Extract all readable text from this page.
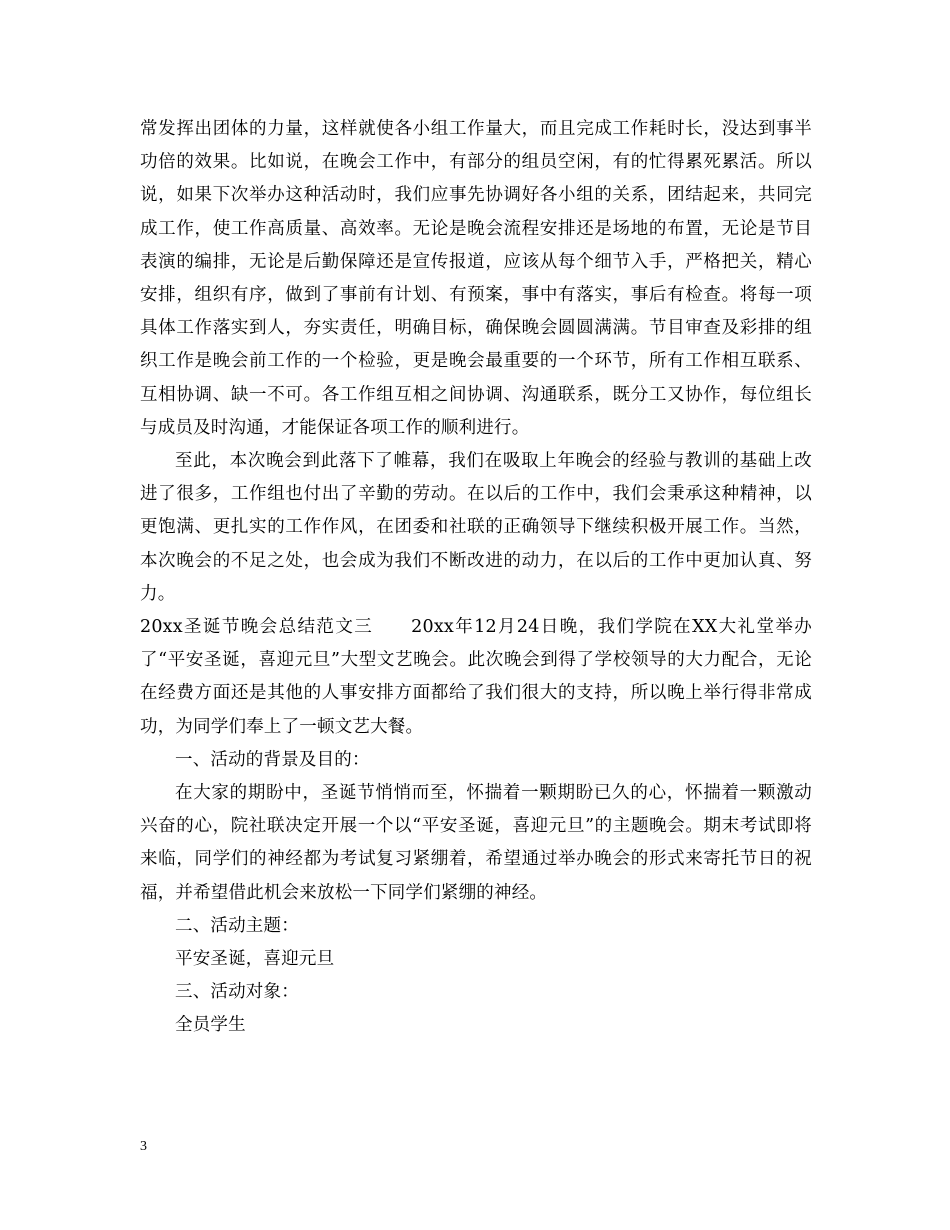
常发挥出团体的力量，这样就使各小组工作量大，而且完成工作耗时长，没达到事半功倍的效果。比如说，在晚会工作中，有部分的组员空闲，有的忙得累死累活。所以说，如果下次举办这种活动时，我们应事先协调好各小组的关系，团结起来，共同完成工作，使工作高质量、高效率。无论是晚会流程安排还是场地的布置，无论是节目表演的编排，无论是后勤保障还是宣传报道，应该从每个细节入手，严格把关，精心安排，组织有序，做到了事前有计划、有预案，事中有落实，事后有检查。将每一项具体工作落实到人，夯实责任，明确目标，确保晚会圆圆满满。节目审查及彩排的组织工作是晚会前工作的一个检验，更是晚会最重要的一个环节，所有工作相互联系、互相协调、缺一不可。各工作组互相之间协调、沟通联系，既分工又协作，每位组长与成员及时沟通，才能保证各项工作的顺利进行。

至此，本次晚会到此落下了帷幕，我们在吸取上年晚会的经验与教训的基础上改进了很多，工作组也付出了辛勤的劳动。在以后的工作中，我们会秉承这种精神，以更饱满、更扎实的工作作风，在团委和社联的正确领导下继续积极开展工作。当然，本次晚会的不足之处，也会成为我们不断改进的动力，在以后的工作中更加认真、努力。

20xx圣诞节晚会总结范文三 20xx年12月24日晚，我们学院在XX大礼堂举办了“平安圣诞，喜迎元旦”大型文艺晚会。此次晚会到得了学校领导的大力配合，无论在经费方面还是其他的人事安排方面都给了我们很大的支持，所以晚上举行得非常成功，为同学们奉上了一顿文艺大餐。

一、活动的背景及目的：

在大家的期盼中，圣诞节悄悄而至，怀揣着一颗期盼已久的心，怀揣着一颗激动兴奋的心，院社联决定开展一个以“平安圣诞，喜迎元旦”的主题晚会。期末考试即将来临，同学们的神经都为考试复习紧绷着，希望通过举办晚会的形式来寄托节日的祝福，并希望借此机会来放松一下同学们紧绷的神经。

二、活动主题：

平安圣诞，喜迎元旦

三、活动对象：

全员学生

3
